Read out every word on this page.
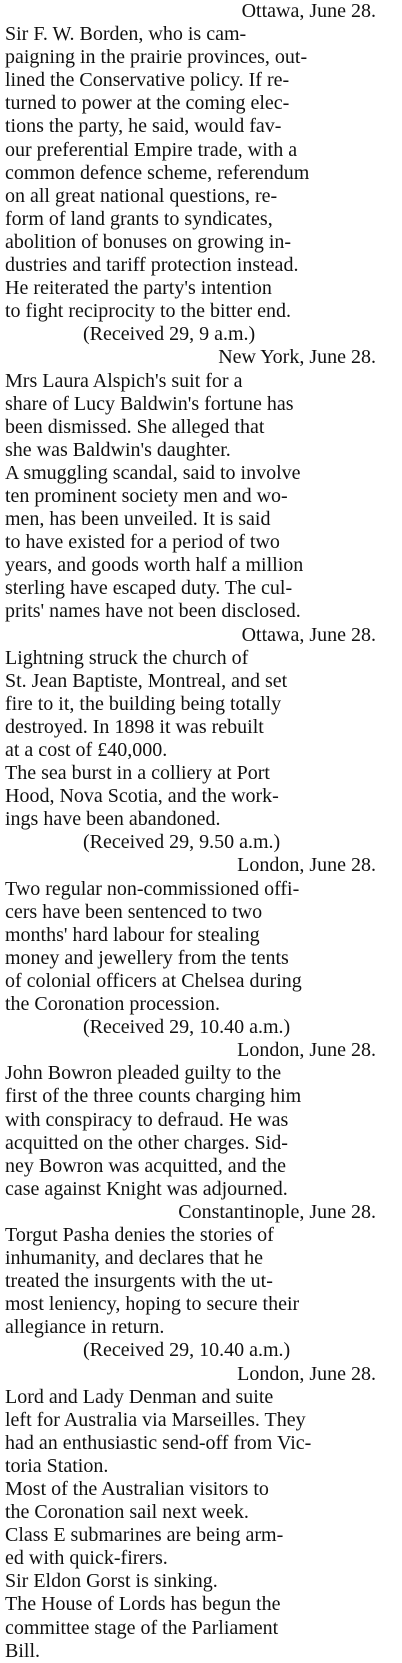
Ottawa, June 28.
Sir F. W. Borden, who is cam-
paigning in the prairie provinces, out-
lined the Conservative policy. If re-
turned to power at the coming elec-
tions the party, he said, would fav-
our preferential Empire trade, with a
common defence scheme, referendum
on all great national questions, re-
form of land grants to syndicates,
abolition of bonuses on growing in-
dustries and tariff protection instead.
He reiterated the party's intention
to fight reciprocity to the bitter end.
(Received 29, 9 a.m.)
New York, June 28.
Mrs Laura Alspich's suit for a
share of Lucy Baldwin's fortune has
been dismissed. She alleged that
she was Baldwin's daughter.
A smuggling scandal, said to involve
ten prominent society men and wo-
men, has been unveiled. It is said
to have existed for a period of two
years, and goods worth half a million
sterling have escaped duty. The cul-
prits' names have not been disclosed.
Ottawa, June 28.
Lightning struck the church of
St. Jean Baptiste, Montreal, and set
fire to it, the building being totally
destroyed. In 1898 it was rebuilt
at a cost of £40,000.
The sea burst in a colliery at Port
Hood, Nova Scotia, and the work-
ings have been abandoned.
(Received 29, 9.50 a.m.)
London, June 28.
Two regular non-commissioned offi-
cers have been sentenced to two
months' hard labour for stealing
money and jewellery from the tents
of colonial officers at Chelsea during
the Coronation procession.
(Received 29, 10.40 a.m.)
London, June 28.
John Bowron pleaded guilty to the
first of the three counts charging him
with conspiracy to defraud. He was
acquitted on the other charges. Sid-
ney Bowron was acquitted, and the
case against Knight was adjourned.
Constantinople, June 28.
Torgut Pasha denies the stories of
inhumanity, and declares that he
treated the insurgents with the ut-
most leniency, hoping to secure their
allegiance in return.
(Received 29, 10.40 a.m.)
London, June 28.
Lord and Lady Denman and suite
left for Australia via Marseilles. They
had an enthusiastic send-off from Vic-
toria Station.
Most of the Australian visitors to
the Coronation sail next week.
Class E submarines are being arm-
ed with quick-firers.
Sir Eldon Gorst is sinking.
The House of Lords has begun the
committee stage of the Parliament
Bill.
